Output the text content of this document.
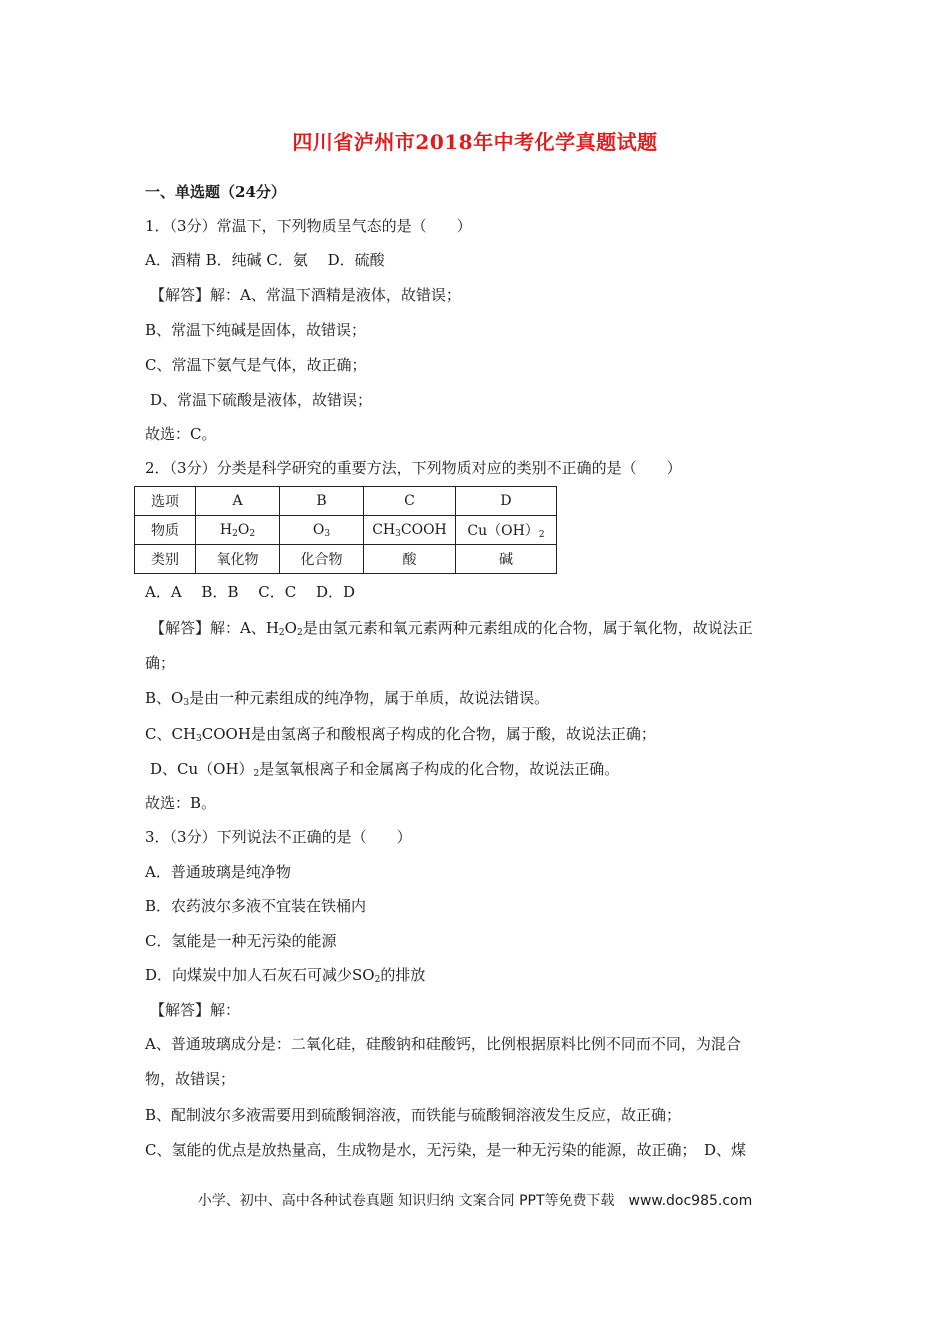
四川省泸州市2018年中考化学真题试题
一、单选题（24分）
1．（3分）常温下，下列物质呈气态的是（　　）
A．酒精 B．纯碱 C．氨　 D．硫酸
【解答】解：A、常温下酒精是液体，故错误；
B、常温下纯碱是固体，故错误；
C、常温下氨气是气体，故正确；
D、常温下硫酸是液体，故错误；
故选：C。
2．（3分）分类是科学研究的重要方法，下列物质对应的类别不正确的是（　　）
选项	A	B	C	D
物质	$H_2O_2$	$O_3$	$CH_3COOH$	$Cu(OH)_2$
类别	氧化物	化合物	酸	碱
A．A　 B．B　 C．C　 D．D
【解答】解：A、$H_2O_2$是由氢元素和氧元素两种元素组成的化合物，属于氧化物，故说法正
确；
B、$O_3$是由一种元素组成的纯净物，属于单质，故说法错误。
C、$CH_3COOH$是由氢离子和酸根离子构成的化合物，属于酸，故说法正确；
D、$Cu(OH)_2$是氢氧根离子和金属离子构成的化合物，故说法正确。
故选：B。
3．（3分）下列说法不正确的是（　　）
A．普通玻璃是纯净物
B．农药波尔多液不宜装在铁桶内
C．氢能是一种无污染的能源
D．向煤炭中加人石灰石可减少$SO_2$的排放
【解答】解：
A、普通玻璃成分是：二氧化硅，硅酸钠和硅酸钙，比例根据原料比例不同而不同，为混合
物，故错误；
B、配制波尔多液需要用到硫酸铜溶液，而铁能与硫酸铜溶液发生反应，故正确；
C、氢能的优点是放热量高，生成物是水，无污染，是一种无污染的能源，故正确；　D、煤
小学、初中、高中各种试卷真题 知识归纳 文案合同 PPT等免费下载　www.doc985.com
